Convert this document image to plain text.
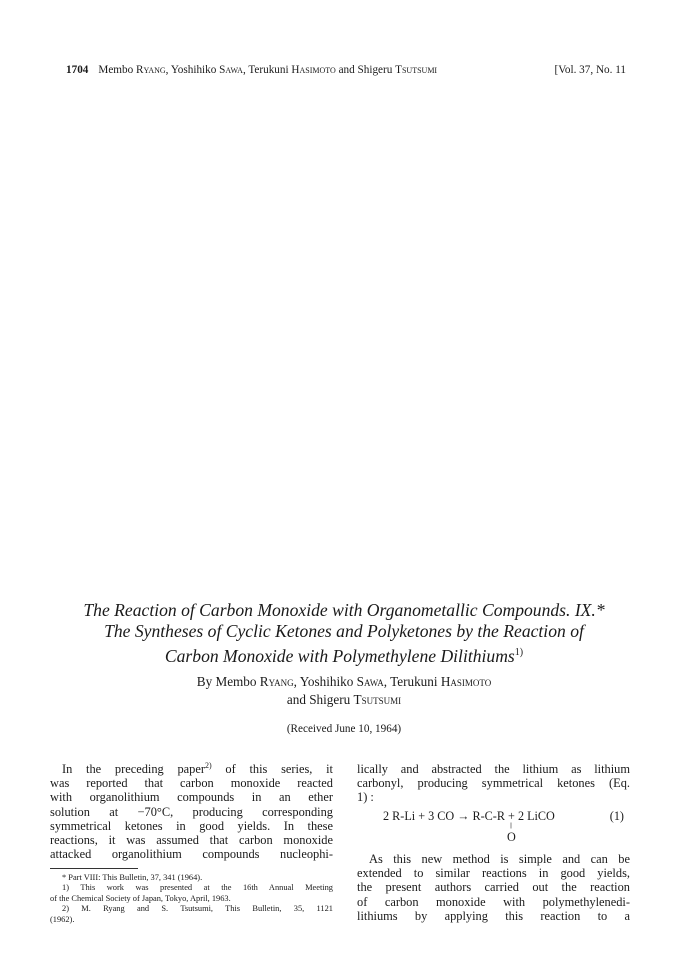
1704 Membo Ryang, Yoshihiko Sawa, Terukuni Hasimoto and Shigeru Tsutsumi	[Vol. 37, No. 11
The Reaction of Carbon Monoxide with Organometallic Compounds. IX.*
The Syntheses of Cyclic Ketones and Polyketones by the Reaction of
Carbon Monoxide with Polymethylene Dilithiums$^{1)}$
By Membo Ryang, Yoshihiko Sawa, Terukuni Hasimoto
and Shigeru Tsutsumi
(Received June 10, 1964)
In the preceding paper$^{2)}$ of this series, it
was reported that carbon monoxide reacted
with organolithium compounds in an ether
solution at −70°C, producing corresponding
symmetrical ketones in good yields. In these
reactions, it was assumed that carbon monoxide
attacked organolithium compounds nucleophi-
* Part VIII: This Bulletin, 37, 341 (1964).
1) This work was presented at the 16th Annual Meeting
of the Chemical Society of Japan, Tokyo, April, 1963.
2) M. Ryang and S. Tsutsumi, This Bulletin, 35, 1121
(1962).
lically and abstracted the lithium as lithium
carbonyl, producing symmetrical ketones (Eq.
1) :
2 R-Li + 3 CO → R-C-R + 2 LiCO
||
O
(1)
As this new method is simple and can be
extended to similar reactions in good yields,
the present authors carried out the reaction
of carbon monoxide with polymethylenedi-
lithiums by applying this reaction to a
